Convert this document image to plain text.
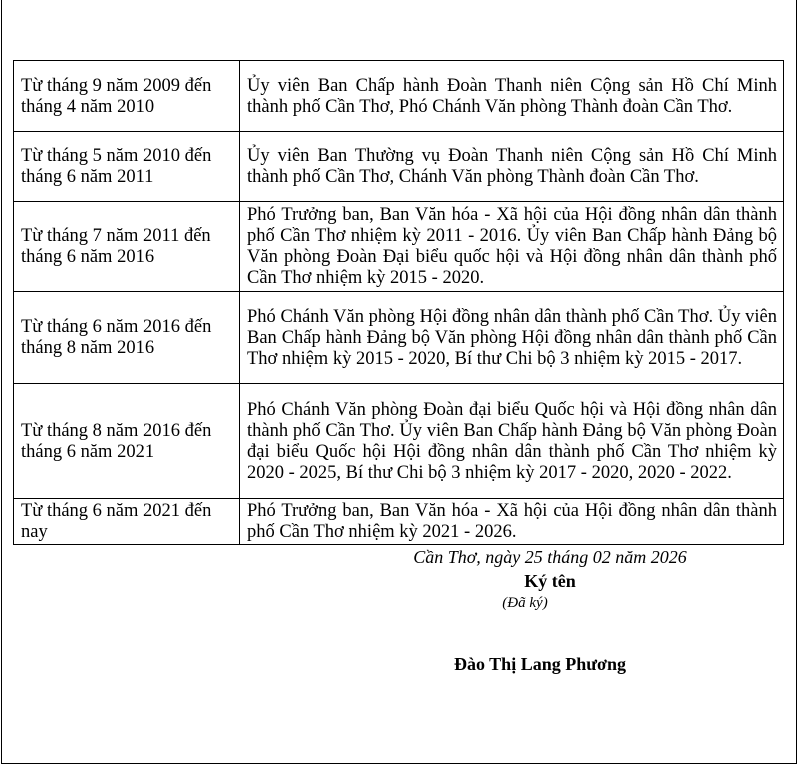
Từ tháng 9 năm 2009 đến tháng 4 năm 2010	Ủy viên Ban Chấp hành Đoàn Thanh niên Cộng sản Hồ Chí Minh thành phố Cần Thơ, Phó Chánh Văn phòng Thành đoàn Cần Thơ.
Từ tháng 5 năm 2010 đến tháng 6 năm 2011	Ủy viên Ban Thường vụ Đoàn Thanh niên Cộng sản Hồ Chí Minh thành phố Cần Thơ, Chánh Văn phòng Thành đoàn Cần Thơ.
Từ tháng 7 năm 2011 đến tháng 6 năm 2016	Phó Trưởng ban, Ban Văn hóa - Xã hội của Hội đồng nhân dân thành phố Cần Thơ nhiệm kỳ 2011 - 2016. Ủy viên Ban Chấp hành Đảng bộ Văn phòng Đoàn Đại biểu quốc hội và Hội đồng nhân dân thành phố Cần Thơ nhiệm kỳ 2015 - 2020.
Từ tháng 6 năm 2016 đến tháng 8 năm 2016	Phó Chánh Văn phòng Hội đồng nhân dân thành phố Cần Thơ. Ủy viên Ban Chấp hành Đảng bộ Văn phòng Hội đồng nhân dân thành phố Cần Thơ nhiệm kỳ 2015 - 2020, Bí thư Chi bộ 3 nhiệm kỳ 2015 - 2017.
Từ tháng 8 năm 2016 đến tháng 6 năm 2021	Phó Chánh Văn phòng Đoàn đại biểu Quốc hội và Hội đồng nhân dân thành phố Cần Thơ. Ủy viên Ban Chấp hành Đảng bộ Văn phòng Đoàn đại biểu Quốc hội Hội đồng nhân dân thành phố Cần Thơ nhiệm kỳ 2020 - 2025, Bí thư Chi bộ 3 nhiệm kỳ 2017 - 2020, 2020 - 2022.
Từ tháng 6 năm 2021 đến nay	Phó Trưởng ban, Ban Văn hóa - Xã hội của Hội đồng nhân dân thành phố Cần Thơ nhiệm kỳ 2021 - 2026.
Cần Thơ, ngày 25 tháng 02 năm 2026
Ký tên
(Đã ký)
Đào Thị Lang Phương
